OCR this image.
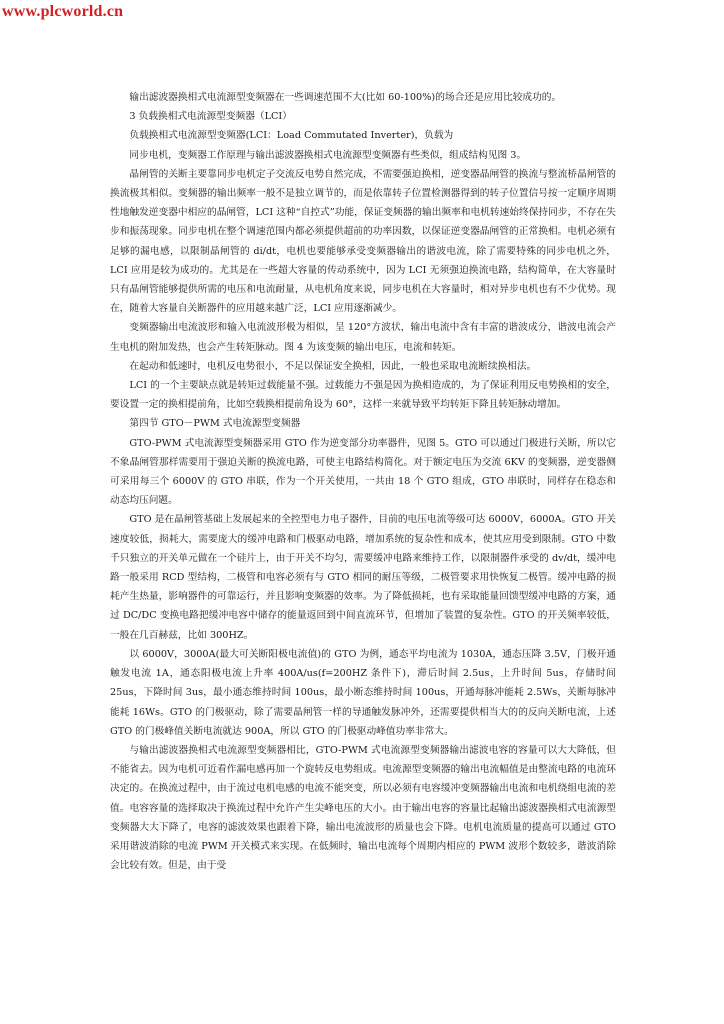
www.plcworld.cn

输出滤波器换相式电流源型变频器在一些调速范围不大(比如 60-100%)的场合还是应用比较成功的。

3 负载换相式电流源型变频器（LCI）

负载换相式电流源型变频器(LCI：Load Commutated Inverter)，负载为

同步电机，变频器工作原理与输出滤波器换相式电流源型变频器有些类似，组成结构见图 3。

晶闸管的关断主要靠同步电机定子交流反电势自然完成，不需要强迫换相，逆变器晶闸管的换流与整流桥晶闸管的换流极其相似。变频器的输出频率一般不是独立调节的，而是依靠转子位置检测器得到的转子位置信号按一定顺序周期性地触发逆变器中相应的晶闸管，LCI 这种“自控式”功能，保证变频器的输出频率和电机转速始终保持同步，不存在失步和振荡现象。同步电机在整个调速范围内都必须提供超前的功率因数，以保证逆变器晶闸管的正常换相。电机必须有足够的漏电感，以限制晶闸管的 di/dt，电机也要能够承受变频器输出的谐波电流，除了需要特殊的同步电机之外，LCI 应用是较为成功的。尤其是在一些超大容量的传动系统中，因为 LCI 无须强迫换流电路，结构简单，在大容量时只有晶闸管能够提供所需的电压和电流耐量，从电机角度来说，同步电机在大容量时，相对异步电机也有不少优势。现在，随着大容量自关断器件的应用越来越广泛，LCI 应用逐渐减少。

变频器输出电流波形和输入电流波形极为相似，呈 120°方波状，输出电流中含有丰富的谐波成分，谐波电流会产生电机的附加发热，也会产生转矩脉动。图 4 为该变频的输出电压，电流和转矩。

在起动和低速时，电机反电势很小，不足以保证安全换相，因此，一般也采取电流断续换相法。

LCI 的一个主要缺点就是转矩过载能量不强。过载能力不强是因为换相造成的，为了保证利用反电势换相的安全，要设置一定的换相提前角，比如空载换相提前角设为 60°，这样一来就导致平均转矩下降且转矩脉动增加。

第四节 GTO－PWM 式电流源型变频器

GTO-PWM 式电流源型变频器采用 GTO 作为逆变部分功率器件，见图 5。GTO 可以通过门极进行关断，所以它不象晶闸管那样需要用于强迫关断的换流电路，可使主电路结构简化。对于额定电压为交流 6KV 的变频器，逆变器侧可采用每三个 6000V 的 GTO 串联，作为一个开关使用，一共由 18 个 GTO 组成，GTO 串联时，同样存在稳态和动态均压问题。

GTO 是在晶闸管基础上发展起来的全控型电力电子器件，目前的电压电流等级可达 6000V，6000A。GTO 开关速度较低，损耗大，需要庞大的缓冲电路和门极驱动电路，增加系统的复杂性和成本，使其应用受到限制。GTO 中数千只独立的开关单元做在一个硅片上，由于开关不均匀，需要缓冲电路来维持工作，以限制器件承受的 dv/dt，缓冲电路一般采用 RCD 型结构，二极管和电容必须有与 GTO 相同的耐压等级，二极管要求用快恢复二极管。缓冲电路的损耗产生热量，影响器件的可靠运行，并且影响变频器的效率。为了降低损耗，也有采取能量回馈型缓冲电路的方案，通过 DC/DC 变换电路把缓冲电容中储存的能量返回到中间直流环节，但增加了装置的复杂性。GTO 的开关频率较低，一般在几百赫兹，比如 300HZ。

以 6000V，3000A(最大可关断阳极电流值)的 GTO 为例，通态平均电流为 1030A，通态压降 3.5V，门极开通触发电流 1A，通态阳极电流上升率 400A/us(f=200HZ 条件下)，滞后时间 2.5us，上升时间 5us，存储时间 25us，下降时间 3us，最小通态维持时间 100us，最小断态维持时间 100us，开通每脉冲能耗 2.5Ws，关断每脉冲能耗 16Ws。GTO 的门极驱动，除了需要晶闸管一样的导通触发脉冲外，还需要提供相当大的的反向关断电流，上述 GTO 的门极峰值关断电流就达 900A，所以 GTO 的门极驱动峰值功率非常大。

与输出滤波器换相式电流源型变频器相比，GTO-PWM 式电流源型变频器输出滤波电容的容量可以大大降低，但不能省去。因为电机可近看作漏电感再加一个旋转反电势组成。电流源型变频器的输出电流幅值是由整流电路的电流环决定的。在换流过程中，由于流过电机电感的电流不能突变，所以必须有电容缓冲变频器输出电流和电机绕组电流的差值。电容容量的选择取决于换流过程中允许产生尖峰电压的大小。由于输出电容的容量比起输出滤波器换相式电流源型变频器大大下降了，电容的滤波效果也跟着下降，输出电流波形的质量也会下降。电机电流质量的提高可以通过 GTO 采用谐波消除的电流 PWM 开关模式来实现。在低频时，输出电流每个周期内相应的 PWM 波形个数较多，谐波消除会比较有效。但是，由于受
